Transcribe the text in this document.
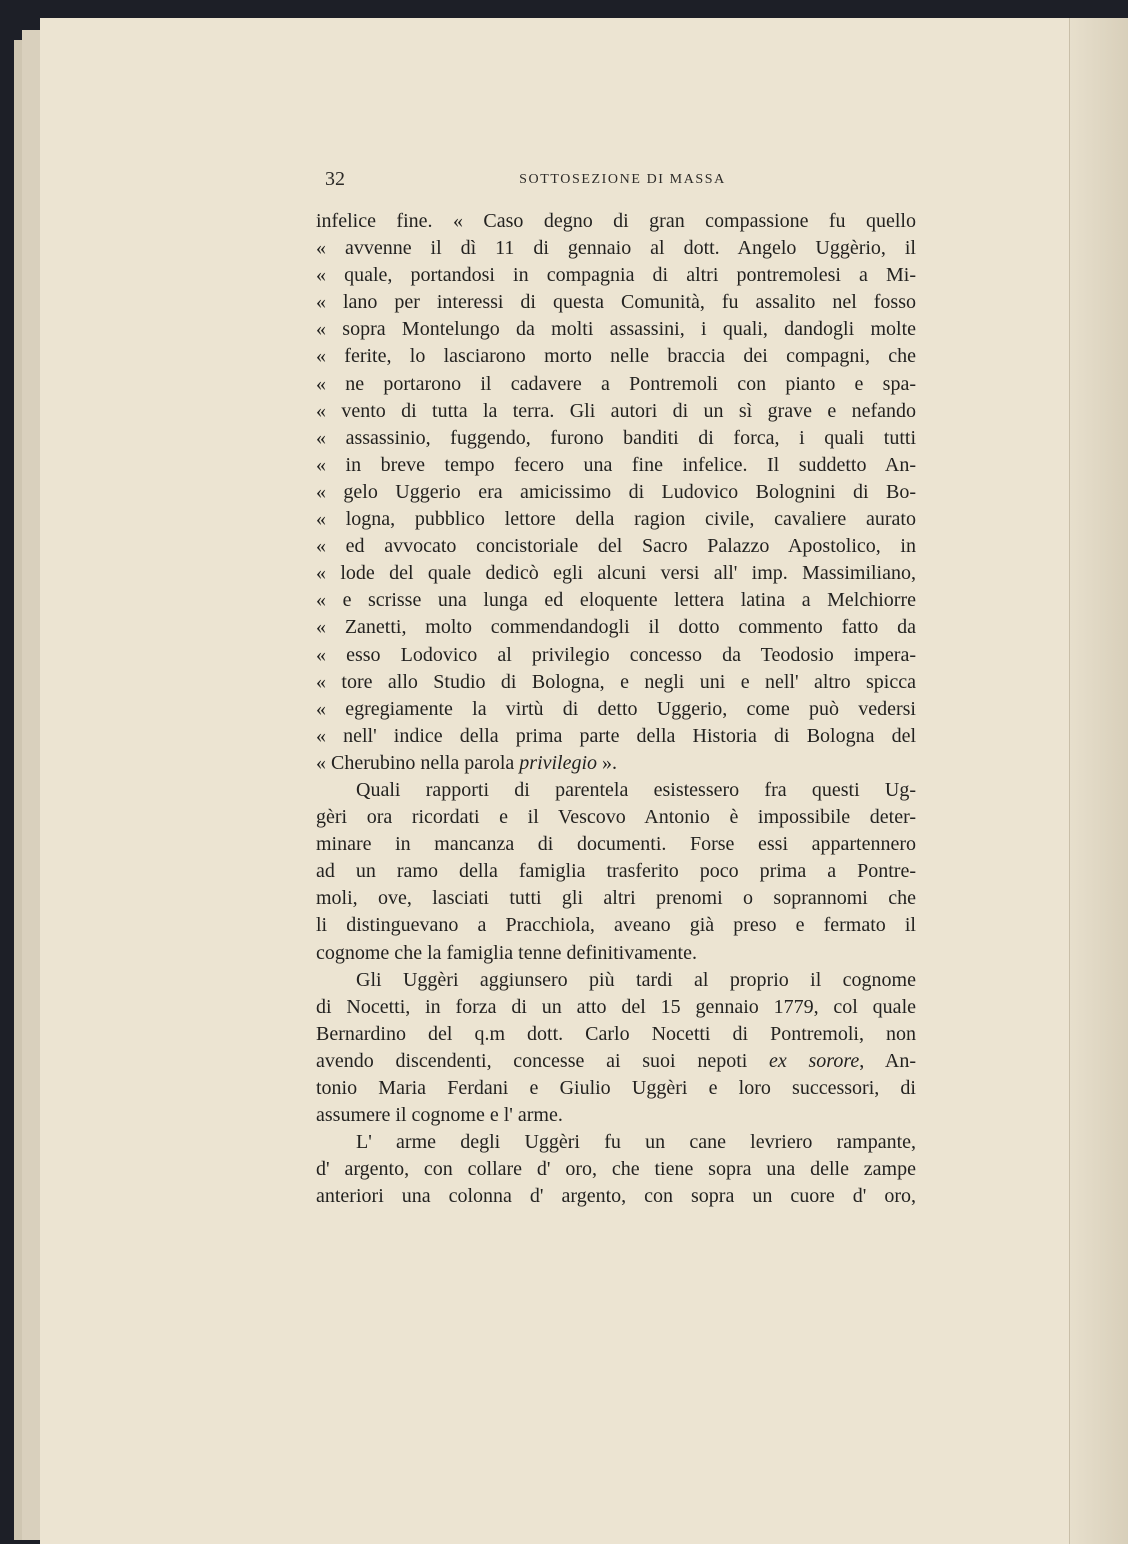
32	SOTTOSEZIONE DI MASSA
infelice fine. « Caso degno di gran compassione fu quello
« avvenne il dì 11 di gennaio al dott. Angelo Uggèrio, il
« quale, portandosi in compagnia di altri pontremolesi a Mi-
« lano per interessi di questa Comunità, fu assalito nel fosso
« sopra Montelungo da molti assassini, i quali, dandogli molte
« ferite, lo lasciarono morto nelle braccia dei compagni, che
« ne portarono il cadavere a Pontremoli con pianto e spa-
« vento di tutta la terra. Gli autori di un sì grave e nefando
« assassinio, fuggendo, furono banditi di forca, i quali tutti
« in breve tempo fecero una fine infelice. Il suddetto An-
« gelo Uggerio era amicissimo di Ludovico Bolognini di Bo-
« logna, pubblico lettore della ragion civile, cavaliere aurato
« ed avvocato concistoriale del Sacro Palazzo Apostolico, in
« lode del quale dedicò egli alcuni versi all' imp. Massimiliano,
« e scrisse una lunga ed eloquente lettera latina a Melchiorre
« Zanetti, molto commendandogli il dotto commento fatto da
« esso Lodovico al privilegio concesso da Teodosio impera-
« tore allo Studio di Bologna, e negli uni e nell' altro spicca
« egregiamente la virtù di detto Uggerio, come può vedersi
« nell' indice della prima parte della Historia di Bologna del
« Cherubino nella parola privilegio ».
Quali rapporti di parentela esistessero fra questi Ug-
gèri ora ricordati e il Vescovo Antonio è impossibile deter-
minare in mancanza di documenti. Forse essi appartennero
ad un ramo della famiglia trasferito poco prima a Pontre-
moli, ove, lasciati tutti gli altri prenomi o soprannomi che
li distinguevano a Pracchiola, aveano già preso e fermato il
cognome che la famiglia tenne definitivamente.
Gli Uggèri aggiunsero più tardi al proprio il cognome
di Nocetti, in forza di un atto del 15 gennaio 1779, col quale
Bernardino del q.m dott. Carlo Nocetti di Pontremoli, non
avendo discendenti, concesse ai suoi nepoti ex sorore, An-
tonio Maria Ferdani e Giulio Uggèri e loro successori, di
assumere il cognome e l' arme.
L' arme degli Uggèri fu un cane levriero rampante,
d' argento, con collare d' oro, che tiene sopra una delle zampe
anteriori una colonna d' argento, con sopra un cuore d' oro,
